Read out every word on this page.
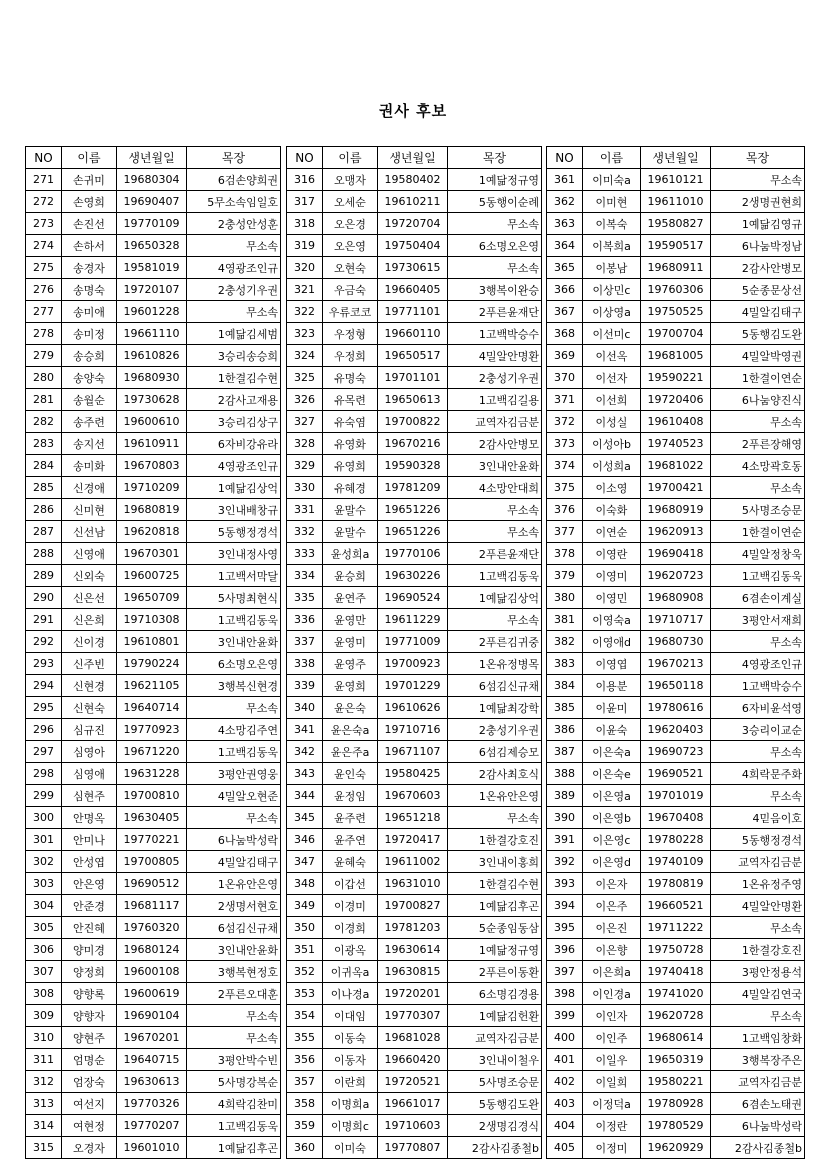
권사 후보
NO	이름	생년월일	목장
271	손귀미	19680304	6검손양희권
272	손영희	19690407	5무소속임일호
273	손진선	19770109	2충성안성훈
274	손하서	19650328	무소속
275	송경자	19581019	4영광조인규
276	송명숙	19720107	2충성기우권
277	송미애	19601228	무소속
278	송미정	19661110	1예닮김세범
279	송승희	19610826	3승리송승희
280	송양숙	19680930	1한결김수현
281	송월순	19730628	2감사고재용
282	송주련	19600610	3승리김상구
283	송지선	19610911	6자비강유라
284	송미화	19670803	4영광조인규
285	신경애	19710209	1예닮김상억
286	신미현	19680819	3인내배창규
287	신선남	19620818	5동행정경석
288	신영애	19670301	3인내정사영
289	신외숙	19600725	1고백서막달
290	신은선	19650709	5사명최현식
291	신은희	19710308	1고백김동욱
292	신이경	19610801	3인내안윤화
293	신주빈	19790224	6소명오은영
294	신현경	19621105	3행복신현경
295	신현숙	19640714	무소속
296	심규진	19770923	4소망김주연
297	심영아	19671220	1고백김동욱
298	심영애	19631228	3평안권영웅
299	심현주	19700810	4밀알오현준
300	안명옥	19630405	무소속
301	안미나	19770221	6나눔박성락
302	안성엽	19700805	4밀알김태구
303	안은영	19690512	1온유안은영
304	안준경	19681117	2생명서현호
305	안진혜	19760320	6섬김신규채
306	양미경	19680124	3인내안윤화
307	양정희	19600108	3행복현정호
308	양향록	19600619	2푸른오대훈
309	양향자	19690104	무소속
310	양현주	19670201	무소속
311	엄명순	19640715	3평안박수빈
312	엄장숙	19630613	5사명강복순
313	여선지	19770326	4희락김찬미
314	여현정	19770207	1고백김동욱
315	오경자	19601010	1예닮김후곤
NO	이름	생년월일	목장
316	오맹자	19580402	1예닮정규영
317	오세순	19610211	5동행이순례
318	오은경	19720704	무소속
319	오은영	19750404	6소명오은영
320	오현숙	19730615	무소속
321	우금숙	19660405	3행복이완승
322	우류코코	19771101	2푸른윤재단
323	우정형	19660110	1고백박승수
324	우정희	19650517	4밀알안명환
325	유명숙	19701101	2충성기우권
326	유목련	19650613	1고백김길용
327	유숙염	19700822	교역자김금분
328	유영화	19670216	2감사안병모
329	유영희	19590328	3인내안윤화
330	유혜경	19781209	4소망안대희
331	윤말수	19651226	무소속
332	윤말수	19651226	무소속
333	윤성희a	19770106	2푸른윤재단
334	윤승희	19630226	1고백김동욱
335	윤연주	19690524	1예닮김상억
336	윤영만	19611229	무소속
337	윤영미	19771009	2푸른김귀중
338	윤영주	19700923	1온유정병목
339	윤영희	19701229	6섬김신규채
340	윤은숙	19610626	1예닮최강학
341	윤은숙a	19710716	2충성기우권
342	윤은주a	19671107	6섬김제승모
343	윤인숙	19580425	2감사최호식
344	윤정임	19670603	1온유안은영
345	윤주련	19651218	무소속
346	윤주연	19720417	1한결강호진
347	윤혜숙	19611002	3인내이홍희
348	이갑선	19631010	1한결김수현
349	이경미	19700827	1예닮김후곤
350	이경희	19781203	5순종임동삼
351	이광옥	19630614	1예닮정규영
352	이귀옥a	19630815	2푸른이동환
353	이나경a	19720201	6소명김경용
354	이대임	19770307	1예닮김헌환
355	이동숙	19681028	교역자김금분
356	이동자	19660420	3인내이철우
357	이란희	19720521	5사명조승문
358	이명희a	19661017	5동행김도완
359	이명희c	19710603	2생명김경식
360	이미숙	19770807	2감사김종철b
NO	이름	생년월일	목장
361	이미숙a	19610121	무소속
362	이미현	19611010	2생명권현희
363	이복숙	19580827	1예닮김영규
364	이복희a	19590517	6나눔박정남
365	이봉남	19680911	2감사안병모
366	이상민c	19760306	5순종문상선
367	이상영a	19750525	4밀알김태구
368	이선미c	19700704	5동행김도완
369	이선옥	19681005	4밀알박영권
370	이선자	19590221	1한결이연순
371	이선희	19720406	6나눔양진식
372	이성실	19610408	무소속
373	이성아b	19740523	2푸른장해영
374	이성희a	19681022	4소망곽호동
375	이소영	19700421	무소속
376	이숙화	19680919	5사명조승문
377	이연순	19620913	1한결이연순
378	이영란	19690418	4밀알정창욱
379	이영미	19620723	1고백김동욱
380	이영민	19680908	6겸손이계실
381	이영숙a	19710717	3평안서재희
382	이영애d	19680730	무소속
383	이영엽	19670213	4영광조인규
384	이용분	19650118	1고백박승수
385	이윤미	19780616	6자비윤석영
386	이윤숙	19620403	3승리이교순
387	이은숙a	19690723	무소속
388	이은숙e	19690521	4희락문주화
389	이은영a	19701019	무소속
390	이은영b	19670408	4믿음이호
391	이은영c	19780228	5동행정경석
392	이은영d	19740109	교역자김금분
393	이은자	19780819	1온유정주영
394	이은주	19660521	4밀알안명환
395	이은진	19711222	무소속
396	이은향	19750728	1한결강호진
397	이은희a	19740418	3평안정용석
398	이인경a	19741020	4밀알김연국
399	이인자	19620728	무소속
400	이인주	19680614	1고백임창화
401	이일우	19650319	3행복장주은
402	이일희	19580221	교역자김금분
403	이정덕a	19780928	6겸손노태권
404	이정란	19780529	6나눔박성락
405	이정미	19620929	2감사김종철b
